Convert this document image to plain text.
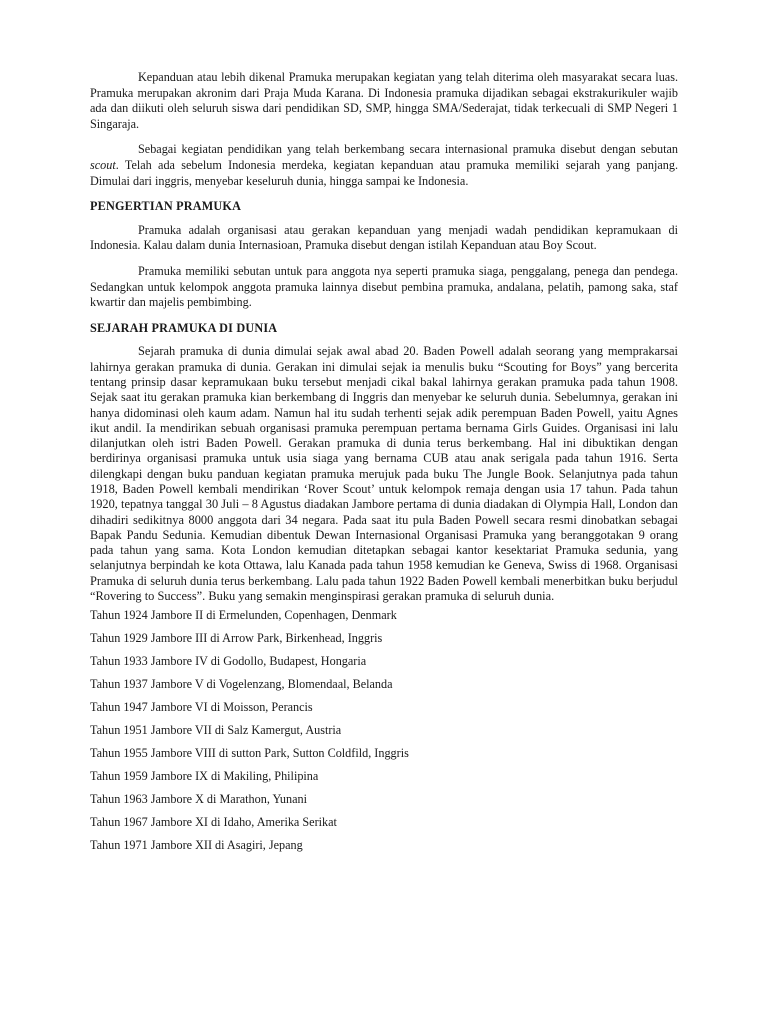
Kepanduan atau lebih dikenal Pramuka merupakan kegiatan yang telah diterima oleh masyarakat secara luas. Pramuka merupakan akronim dari Praja Muda Karana. Di Indonesia pramuka dijadikan sebagai ekstrakurikuler wajib ada dan diikuti oleh seluruh siswa dari pendidikan SD, SMP, hingga SMA/Sederajat, tidak terkecuali di SMP Negeri 1 Singaraja.

Sebagai kegiatan pendidikan yang telah berkembang secara internasional pramuka disebut dengan sebutan scout. Telah ada sebelum Indonesia merdeka, kegiatan kepanduan atau pramuka memiliki sejarah yang panjang. Dimulai dari inggris, menyebar keseluruh dunia, hingga sampai ke Indonesia.

PENGERTIAN PRAMUKA

Pramuka adalah organisasi atau gerakan kepanduan yang menjadi wadah pendidikan kepramukaan di Indonesia. Kalau dalam dunia Internasioan, Pramuka disebut dengan istilah Kepanduan atau Boy Scout.

Pramuka memiliki sebutan untuk para anggota nya seperti pramuka siaga, penggalang, penega dan pendega. Sedangkan untuk kelompok anggota pramuka lainnya disebut pembina pramuka, andalana, pelatih, pamong saka, staf kwartir dan majelis pembimbing.

SEJARAH PRAMUKA DI DUNIA

Sejarah pramuka di dunia dimulai sejak awal abad 20. Baden Powell adalah seorang yang memprakarsai lahirnya gerakan pramuka di dunia. Gerakan ini dimulai sejak ia menulis buku “Scouting for Boys” yang bercerita tentang prinsip dasar kepramukaan buku tersebut menjadi cikal bakal lahirnya gerakan pramuka pada tahun 1908. Sejak saat itu gerakan pramuka kian berkembang di Inggris dan menyebar ke seluruh dunia. Sebelumnya, gerakan ini hanya didominasi oleh kaum adam. Namun hal itu sudah terhenti sejak adik perempuan Baden Powell, yaitu Agnes ikut andil. Ia mendirikan sebuah organisasi pramuka perempuan pertama bernama Girls Guides. Organisasi ini lalu dilanjutkan oleh istri Baden Powell. Gerakan pramuka di dunia terus berkembang. Hal ini dibuktikan dengan berdirinya organisasi pramuka untuk usia siaga yang bernama CUB atau anak serigala pada tahun 1916. Serta dilengkapi dengan buku panduan kegiatan pramuka merujuk pada buku The Jungle Book. Selanjutnya pada tahun 1918, Baden Powell kembali mendirikan ‘Rover Scout’ untuk kelompok remaja dengan usia 17 tahun. Pada tahun 1920, tepatnya tanggal 30 Juli – 8 Agustus diadakan Jambore pertama di dunia diadakan di Olympia Hall, London dan dihadiri sedikitnya 8000 anggota dari 34 negara. Pada saat itu pula Baden Powell secara resmi dinobatkan sebagai Bapak Pandu Sedunia. Kemudian dibentuk Dewan Internasional Organisasi Pramuka yang beranggotakan 9 orang pada tahun yang sama. Kota London kemudian ditetapkan sebagai kantor kesektariat Pramuka sedunia, yang selanjutnya berpindah ke kota Ottawa, lalu Kanada pada tahun 1958 kemudian ke Geneva, Swiss di 1968. Organisasi Pramuka di seluruh dunia terus berkembang. Lalu pada tahun 1922 Baden Powell kembali menerbitkan buku berjudul “Rovering to Success”. Buku yang semakin menginspirasi gerakan pramuka di seluruh dunia.

Tahun 1924 Jambore II di Ermelunden, Copenhagen, Denmark
Tahun 1929 Jambore III di Arrow Park, Birkenhead, Inggris
Tahun 1933 Jambore IV di Godollo, Budapest, Hongaria
Tahun 1937 Jambore V di Vogelenzang, Blomendaal, Belanda
Tahun 1947 Jambore VI di Moisson, Perancis
Tahun 1951 Jambore VII di Salz Kamergut, Austria
Tahun 1955 Jambore VIII di sutton Park, Sutton Coldfild, Inggris
Tahun 1959 Jambore IX di Makiling, Philipina
Tahun 1963 Jambore X di Marathon, Yunani
Tahun 1967 Jambore XI di Idaho, Amerika Serikat
Tahun 1971 Jambore XII di Asagiri, Jepang
